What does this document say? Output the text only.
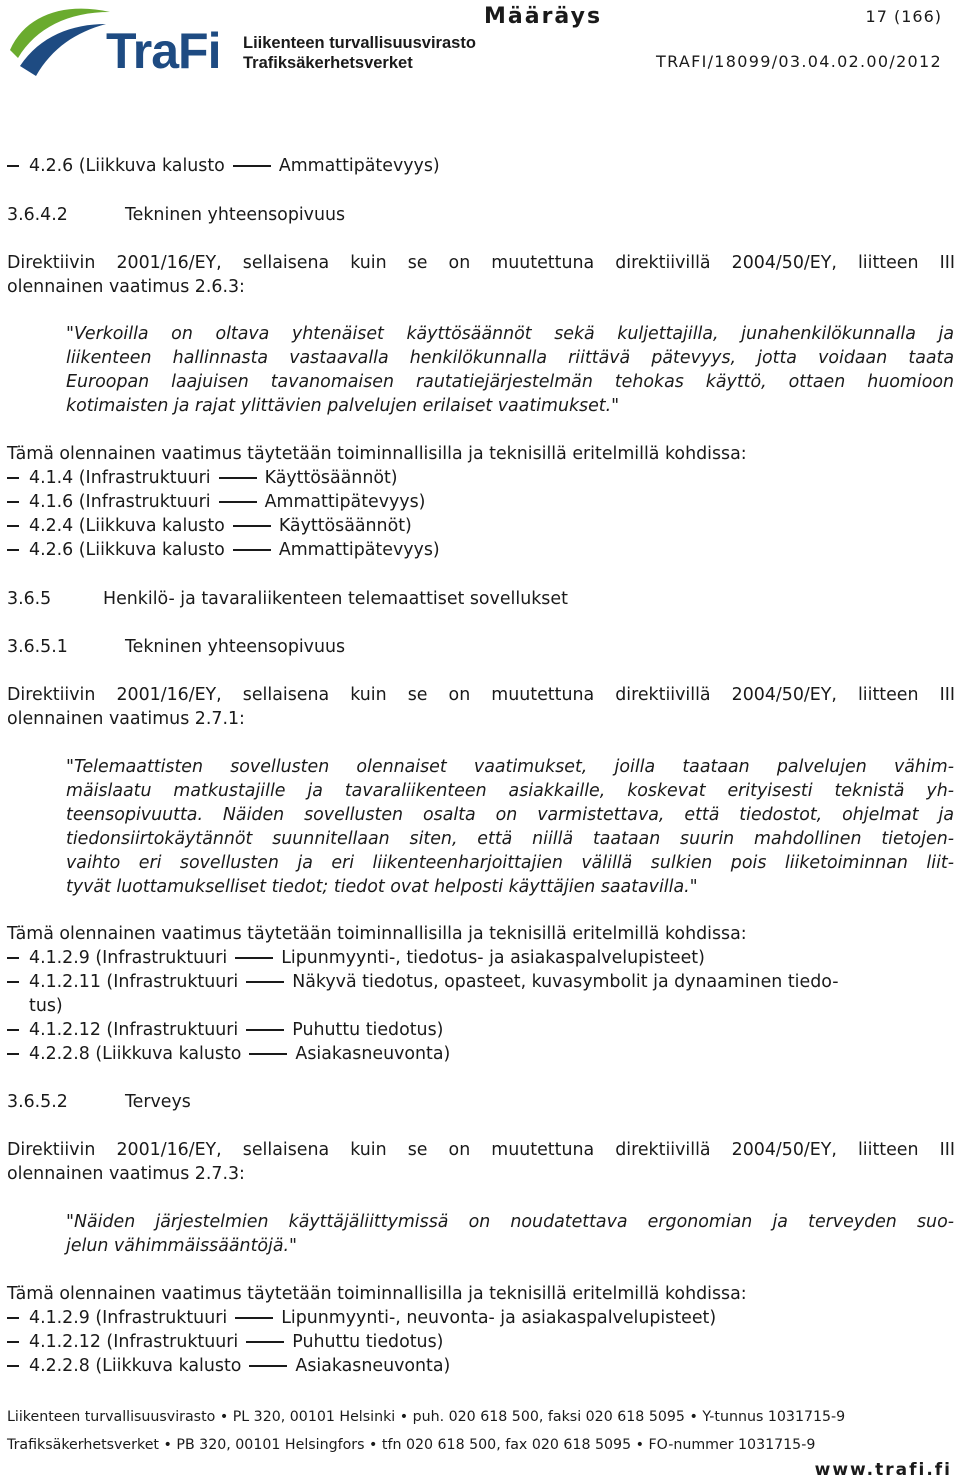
TraFi Liikenteen turvallisuusvirasto
Trafiksäkerhetsverket
Määräys	17 (166)
TRAFI/18099/03.04.02.00/2012
4.2.6 (Liikkuva kalusto	Ammattipätevyys)
3.6.4.2	Tekninen yhteensopivuus
Direktiivin 2001/16/EY, sellaisena kuin se on muutettuna direktiivillä 2004/50/EY, liitteen III
olennainen vaatimus 2.6.3:
"Verkoilla on oltava yhtenäiset käyttösäännöt sekä kuljettajilla, junahenkilökunnalla ja
liikenteen hallinnasta vastaavalla henkilökunnalla riittävä pätevyys, jotta voidaan taata
Euroopan laajuisen tavanomaisen rautatiejärjestelmän tehokas käyttö, ottaen huomioon
kotimaisten ja rajat ylittävien palvelujen erilaiset vaatimukset."
Tämä olennainen vaatimus täytetään toiminnallisilla ja teknisillä eritelmillä kohdissa:
4.1.4 (Infrastruktuuri	Käyttösäännöt)
4.1.6 (Infrastruktuuri	Ammattipätevyys)
4.2.4 (Liikkuva kalusto	Käyttösäännöt)
4.2.6 (Liikkuva kalusto	Ammattipätevyys)
3.6.5	Henkilö- ja tavaraliikenteen telemaattiset sovellukset
3.6.5.1	Tekninen yhteensopivuus
Direktiivin 2001/16/EY, sellaisena kuin se on muutettuna direktiivillä 2004/50/EY, liitteen III
olennainen vaatimus 2.7.1:
"Telemaattisten sovellusten olennaiset vaatimukset, joilla taataan palvelujen vähim-
mäislaatu matkustajille ja tavaraliikenteen asiakkaille, koskevat erityisesti teknistä yh-
teensopivuutta. Näiden sovellusten osalta on varmistettava, että tiedostot, ohjelmat ja
tiedonsiirtokäytännöt suunnitellaan siten, että niillä taataan suurin mahdollinen tietojen-
vaihto eri sovellusten ja eri liikenteenharjoittajien välillä sulkien pois liiketoiminnan liit-
tyvät luottamukselliset tiedot; tiedot ovat helposti käyttäjien saatavilla."
Tämä olennainen vaatimus täytetään toiminnallisilla ja teknisillä eritelmillä kohdissa:
4.1.2.9 (Infrastruktuuri	Lipunmyynti-, tiedotus- ja asiakaspalvelupisteet)
4.1.2.11 (Infrastruktuuri	Näkyvä tiedotus, opasteet, kuvasymbolit ja dynaaminen tiedo-
tus)
4.1.2.12 (Infrastruktuuri	Puhuttu tiedotus)
4.2.2.8 (Liikkuva kalusto	Asiakasneuvonta)
3.6.5.2	Terveys
Direktiivin 2001/16/EY, sellaisena kuin se on muutettuna direktiivillä 2004/50/EY, liitteen III
olennainen vaatimus 2.7.3:
"Näiden järjestelmien käyttäjäliittymissä on noudatettava ergonomian ja terveyden suo-
jelun vähimmäissääntöjä."
Tämä olennainen vaatimus täytetään toiminnallisilla ja teknisillä eritelmillä kohdissa:
4.1.2.9 (Infrastruktuuri	Lipunmyynti-, neuvonta- ja asiakaspalvelupisteet)
4.1.2.12 (Infrastruktuuri	Puhuttu tiedotus)
4.2.2.8 (Liikkuva kalusto	Asiakasneuvonta)
Liikenteen turvallisuusvirasto • PL 320, 00101 Helsinki • puh. 020 618 500, faksi 020 618 5095 • Y-tunnus 1031715-9
Trafiksäkerhetsverket • PB 320, 00101 Helsingfors • tfn 020 618 500, fax 020 618 5095 • FO-nummer 1031715-9
www.trafi.fi
